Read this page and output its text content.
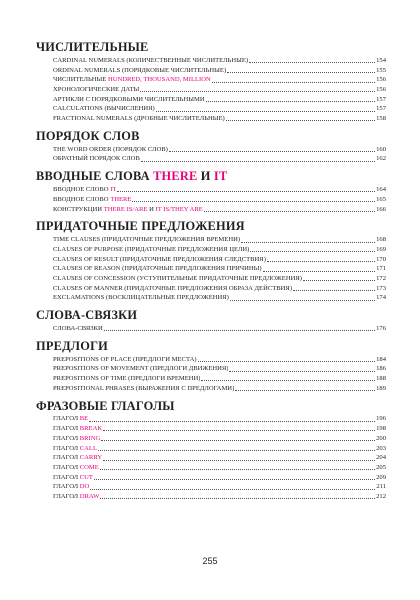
ЧИСЛИТЕЛЬНЫЕ
CARDINAL NUMERALS (КОЛИЧЕСТВЕННЫЕ ЧИСЛИТЕЛЬНЫЕ)	154
ORDINAL NUMERALS (ПОРЯДКОВЫЕ ЧИСЛИТЕЛЬНЫЕ)	155
ЧИСЛИТЕЛЬНЫЕ HUNDRED, THOUSAND, MILLION	156
ХРОНОЛОГИЧЕСКИЕ ДАТЫ	156
АРТИКЛИ С ПОРЯДКОВЫМИ ЧИСЛИТЕЛЬНЫМИ	157
CALCULATIONS (ВЫЧИСЛЕНИЯ)	157
FRACTIONAL NUMERALS (ДРОБНЫЕ ЧИСЛИТЕЛЬНЫЕ)	158
ПОРЯДОК СЛОВ
THE WORD ORDER (ПОРЯДОК СЛОВ)	160
ОБРАТНЫЙ ПОРЯДОК СЛОВ	162
ВВОДНЫЕ СЛОВА THERE И IT
ВВОДНОЕ СЛОВО IT	164
ВВОДНОЕ СЛОВО THERE	165
КОНСТРУКЦИИ THERE IS/ARE И IT IS/THEY ARE	166
ПРИДАТОЧНЫЕ ПРЕДЛОЖЕНИЯ
TIME CLAUSES (ПРИДАТОЧНЫЕ ПРЕДЛОЖЕНИЯ ВРЕМЕНИ)	168
CLAUSES OF PURPOSE (ПРИДАТОЧНЫЕ ПРЕДЛОЖЕНИЯ ЦЕЛИ)	169
CLAUSES OF RESULT (ПРИДАТОЧНЫЕ ПРЕДЛОЖЕНИЯ СЛЕДСТВИЯ)	170
CLAUSES OF REASON (ПРИДАТОЧНЫЕ ПРЕДЛОЖЕНИЯ ПРИЧИНЫ)	171
CLAUSES OF CONCESSION (УСТУПИТЕЛЬНЫЕ ПРИДАТОЧНЫЕ ПРЕДЛОЖЕНИЯ)	172
CLAUSES OF MANNER (ПРИДАТОЧНЫЕ ПРЕДЛОЖЕНИЯ ОБРАЗА ДЕЙСТВИЯ)	173
EXCLAMATIONS (ВОСКЛИЦАТЕЛЬНЫЕ ПРЕДЛОЖЕНИЯ)	174
СЛОВА-СВЯЗКИ
СЛОВА-СВЯЗКИ	176
ПРЕДЛОГИ
PREPOSITIONS OF PLACE (ПРЕДЛОГИ МЕСТА)	184
PREPOSITIONS OF MOVEMENT (ПРЕДЛОГИ ДВИЖЕНИЯ)	186
PREPOSITIONS OF TIME (ПРЕДЛОГИ ВРЕМЕНИ)	188
PREPOSITIONAL PHRASES (ВЫРАЖЕНИЯ С ПРЕДЛОГАМИ)	189
ФРАЗОВЫЕ ГЛАГОЛЫ
ГЛАГОЛ BE	196
ГЛАГОЛ BREAK	198
ГЛАГОЛ BRING	200
ГЛАГОЛ CALL	203
ГЛАГОЛ CARRY	204
ГЛАГОЛ COME	205
ГЛАГОЛ CUT	209
ГЛАГОЛ DO	211
ГЛАГОЛ DRAW	212
255
